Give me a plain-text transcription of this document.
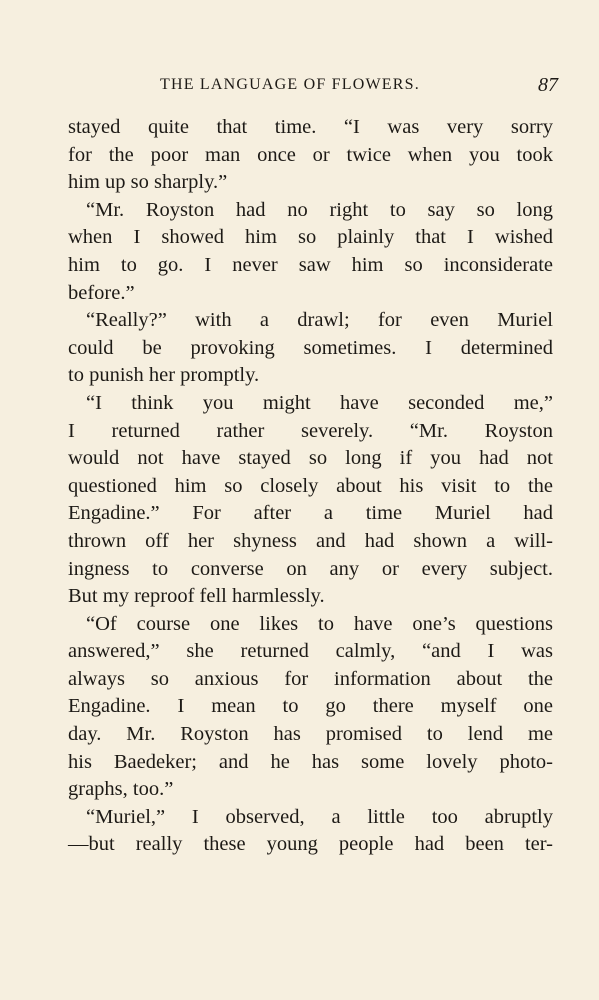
THE LANGUAGE OF FLOWERS.	87
stayed quite that time. “I was very sorry
for the poor man once or twice when you took
him up so sharply.”
“Mr. Royston had no right to say so long
when I showed him so plainly that I wished
him to go. I never saw him so inconsiderate
before.”
“Really?” with a drawl; for even Muriel
could be provoking sometimes. I determined
to punish her promptly.
“I think you might have seconded me,”
I returned rather severely. “Mr. Royston
would not have stayed so long if you had not
questioned him so closely about his visit to the
Engadine.” For after a time Muriel had
thrown off her shyness and had shown a will-
ingness to converse on any or every subject.
But my reproof fell harmlessly.
“Of course one likes to have one’s questions
answered,” she returned calmly, “and I was
always so anxious for information about the
Engadine. I mean to go there myself one
day. Mr. Royston has promised to lend me
his Baedeker; and he has some lovely photo-
graphs, too.”
“Muriel,” I observed, a little too abruptly
—but really these young people had been ter-
